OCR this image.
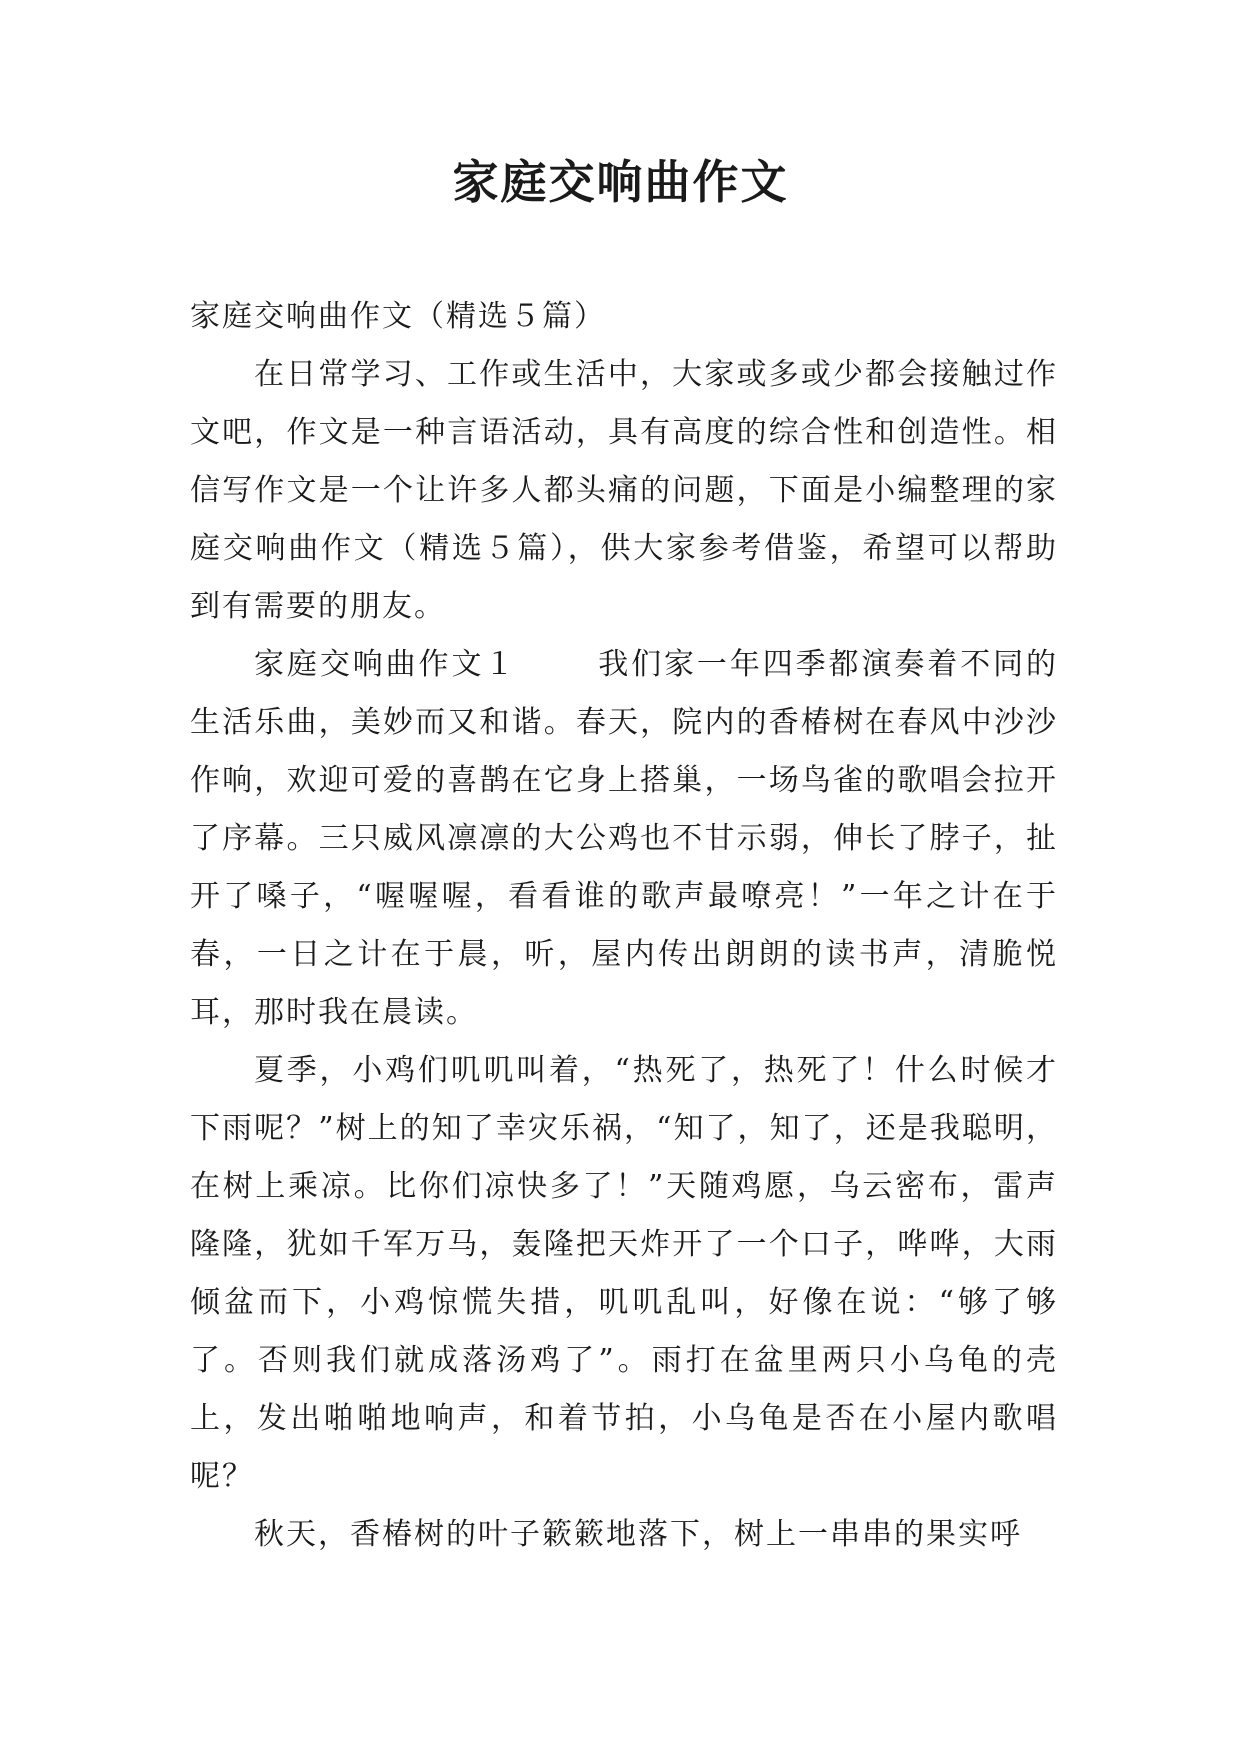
家庭交响曲作文

家庭交响曲作文（精选５篇）

在日常学习、工作或生活中，大家或多或少都会接触过作文吧，作文是一种言语活动，具有高度的综合性和创造性。相信写作文是一个让许多人都头痛的问题，下面是小编整理的家庭交响曲作文（精选５篇），供大家参考借鉴，希望可以帮助到有需要的朋友。

家庭交响曲作文１	我们家一年四季都演奏着不同的生活乐曲，美妙而又和谐。春天，院内的香椿树在春风中沙沙作响，欢迎可爱的喜鹊在它身上搭巢，一场鸟雀的歌唱会拉开了序幕。三只威风凛凛的大公鸡也不甘示弱，伸长了脖子，扯开了嗓子，“喔喔喔，看看谁的歌声最嘹亮！”一年之计在于春，一日之计在于晨，听，屋内传出朗朗的读书声，清脆悦耳，那时我在晨读。

夏季，小鸡们叽叽叫着，“热死了，热死了！什么时候才下雨呢？”树上的知了幸灾乐祸，“知了，知了，还是我聪明，在树上乘凉。比你们凉快多了！”天随鸡愿，乌云密布，雷声隆隆，犹如千军万马，轰隆把天炸开了一个口子，哗哗，大雨倾盆而下，小鸡惊慌失措，叽叽乱叫，好像在说：“够了够了。否则我们就成落汤鸡了”。雨打在盆里两只小乌龟的壳上，发出啪啪地响声，和着节拍，小乌龟是否在小屋内歌唱呢？

秋天，香椿树的叶子簌簌地落下，树上一串串的果实呼
